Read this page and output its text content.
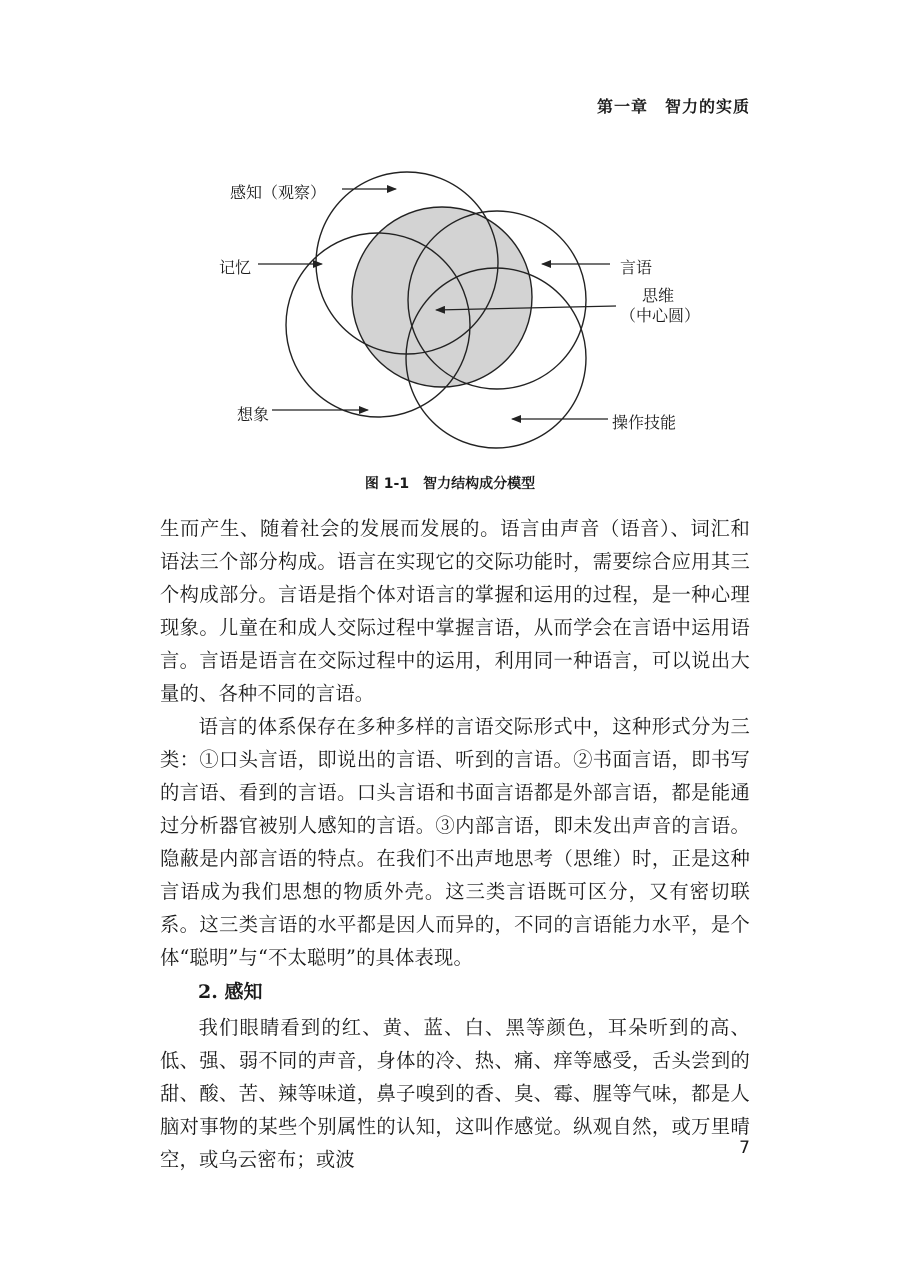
第一章　智力的实质
感知（观察）
记忆	言语
思维
（中心圆）
想象	操作技能
图 1-1　智力结构成分模型

生而产生、随着社会的发展而发展的。语言由声音（语音）、词汇和语法三个部分构成。语言在实现它的交际功能时，需要综合应用其三个构成部分。言语是指个体对语言的掌握和运用的过程，是一种心理现象。儿童在和成人交际过程中掌握言语，从而学会在言语中运用语言。言语是语言在交际过程中的运用，利用同一种语言，可以说出大量的、各种不同的言语。

语言的体系保存在多种多样的言语交际形式中，这种形式分为三类：①口头言语，即说出的言语、听到的言语。②书面言语，即书写的言语、看到的言语。口头言语和书面言语都是外部言语，都是能通过分析器官被别人感知的言语。③内部言语，即未发出声音的言语。隐蔽是内部言语的特点。在我们不出声地思考（思维）时，正是这种言语成为我们思想的物质外壳。这三类言语既可区分，又有密切联系。这三类言语的水平都是因人而异的，不同的言语能力水平，是个体“聪明”与“不太聪明”的具体表现。

2. 感知

我们眼睛看到的红、黄、蓝、白、黑等颜色，耳朵听到的高、低、强、弱不同的声音，身体的冷、热、痛、痒等感受，舌头尝到的甜、酸、苦、辣等味道，鼻子嗅到的香、臭、霉、腥等气味，都是人脑对事物的某些个别属性的认知，这叫作感觉。纵观自然，或万里晴空，或乌云密布；或波	7
